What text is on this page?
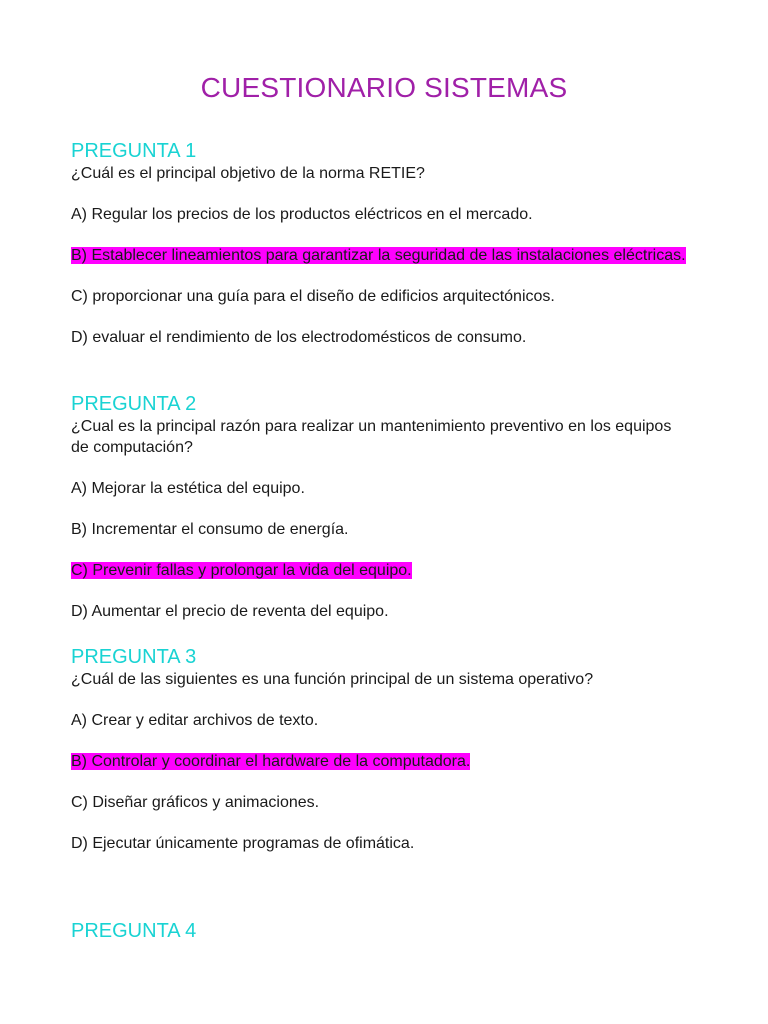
CUESTIONARIO SISTEMAS
PREGUNTA 1
¿Cuál es el principal objetivo de la norma RETIE?
A) Regular los precios de los productos eléctricos en el mercado.
B) Establecer lineamientos para garantizar la seguridad de las instalaciones eléctricas.
C) proporcionar una guía para el diseño de edificios arquitectónicos.
D) evaluar el rendimiento de los electrodomésticos de consumo.
PREGUNTA 2
¿Cual es la principal razón para realizar un mantenimiento preventivo en los equipos de computación?
A) Mejorar la estética del equipo.
B) Incrementar el consumo de energía.
C) Prevenir fallas y prolongar la vida del equipo.
D) Aumentar el precio de reventa del equipo.
PREGUNTA 3
¿Cuál de las siguientes es una función principal de un sistema operativo?
A) Crear y editar archivos de texto.
B) Controlar y coordinar el hardware de la computadora.
C) Diseñar gráficos y animaciones.
D) Ejecutar únicamente programas de ofimática.
PREGUNTA 4
